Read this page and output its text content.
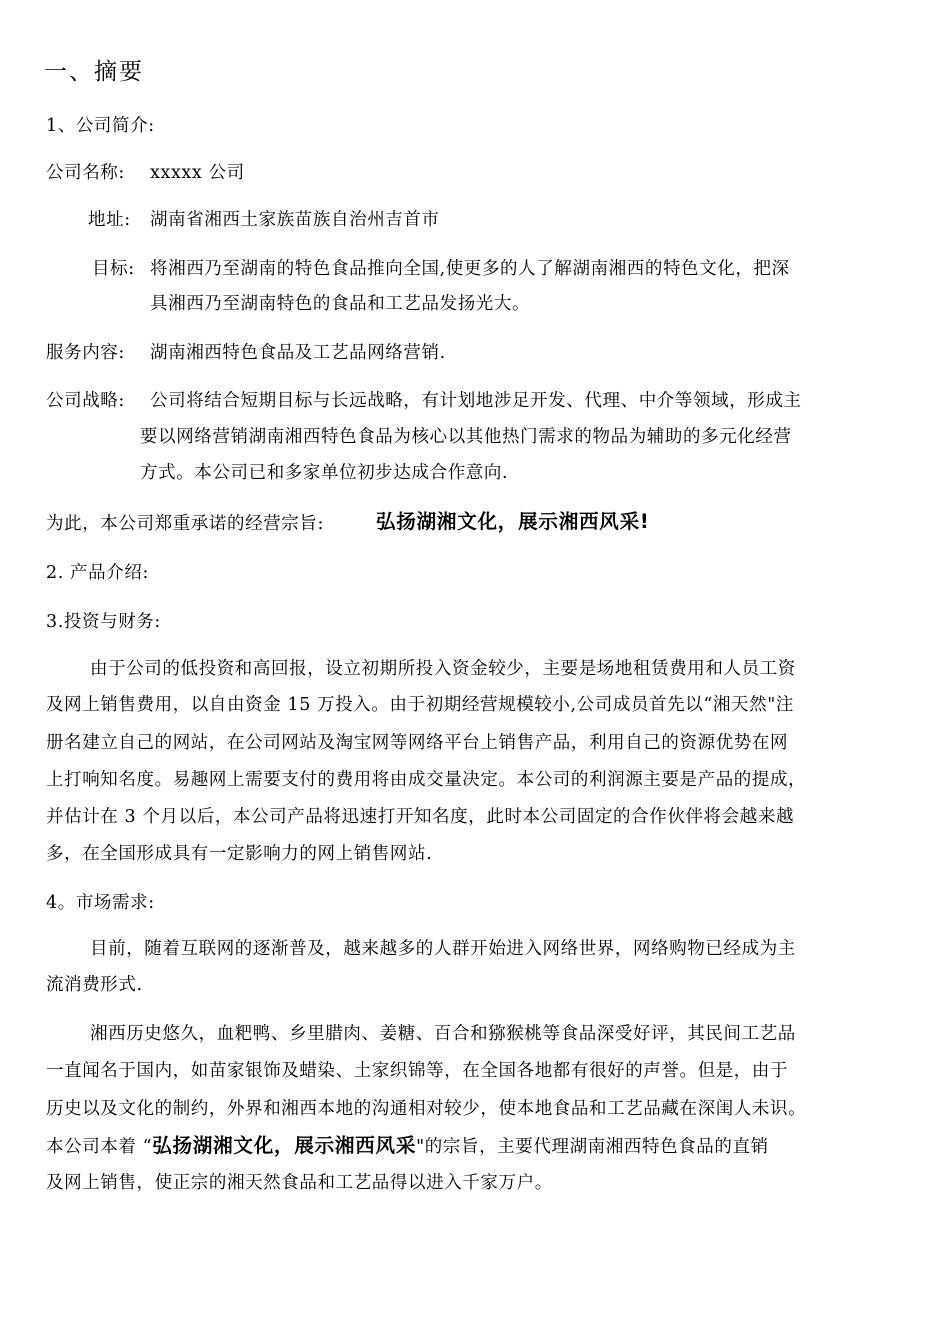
一、摘要
1、公司简介:
公司名称: xxxxx 公司
地址: 湖南省湘西土家族苗族自治州吉首市
目标: 将湘西乃至湖南的特色食品推向全国,使更多的人了解湖南湘西的特色文化，把深
具湘西乃至湖南特色的食品和工艺品发扬光大。
服务内容: 湖南湘西特色食品及工艺品网络营销.
公司战略: 公司将结合短期目标与长远战略，有计划地涉足开发、代理、中介等领域，形成主
要以网络营销湖南湘西特色食品为核心以其他热门需求的物品为辅助的多元化经营
方式。本公司已和多家单位初步达成合作意向.
为此，本公司郑重承诺的经营宗旨:	弘扬湖湘文化，展示湘西风采!
2. 产品介绍:
3.投资与财务:
由于公司的低投资和高回报，设立初期所投入资金较少，主要是场地租赁费用和人员工资
及网上销售费用，以自由资金 15 万投入。由于初期经营规模较小,公司成员首先以“湘天然"注
册名建立自己的网站，在公司网站及淘宝网等网络平台上销售产品，利用自己的资源优势在网
上打响知名度。易趣网上需要支付的费用将由成交量决定。本公司的利润源主要是产品的提成，
并估计在 3 个月以后，本公司产品将迅速打开知名度，此时本公司固定的合作伙伴将会越来越
多，在全国形成具有一定影响力的网上销售网站.
4。市场需求:
目前，随着互联网的逐渐普及，越来越多的人群开始进入网络世界，网络购物已经成为主
流消费形式.
湘西历史悠久，血粑鸭、乡里腊肉、姜糖、百合和猕猴桃等食品深受好评，其民间工艺品
一直闻名于国内，如苗家银饰及蜡染、土家织锦等，在全国各地都有很好的声誉。但是，由于
历史以及文化的制约，外界和湘西本地的沟通相对较少，使本地食品和工艺品藏在深闺人未识。
本公司本着 “弘扬湖湘文化，展示湘西风采"的宗旨，主要代理湖南湘西特色食品的直销
及网上销售，使正宗的湘天然食品和工艺品得以进入千家万户。
